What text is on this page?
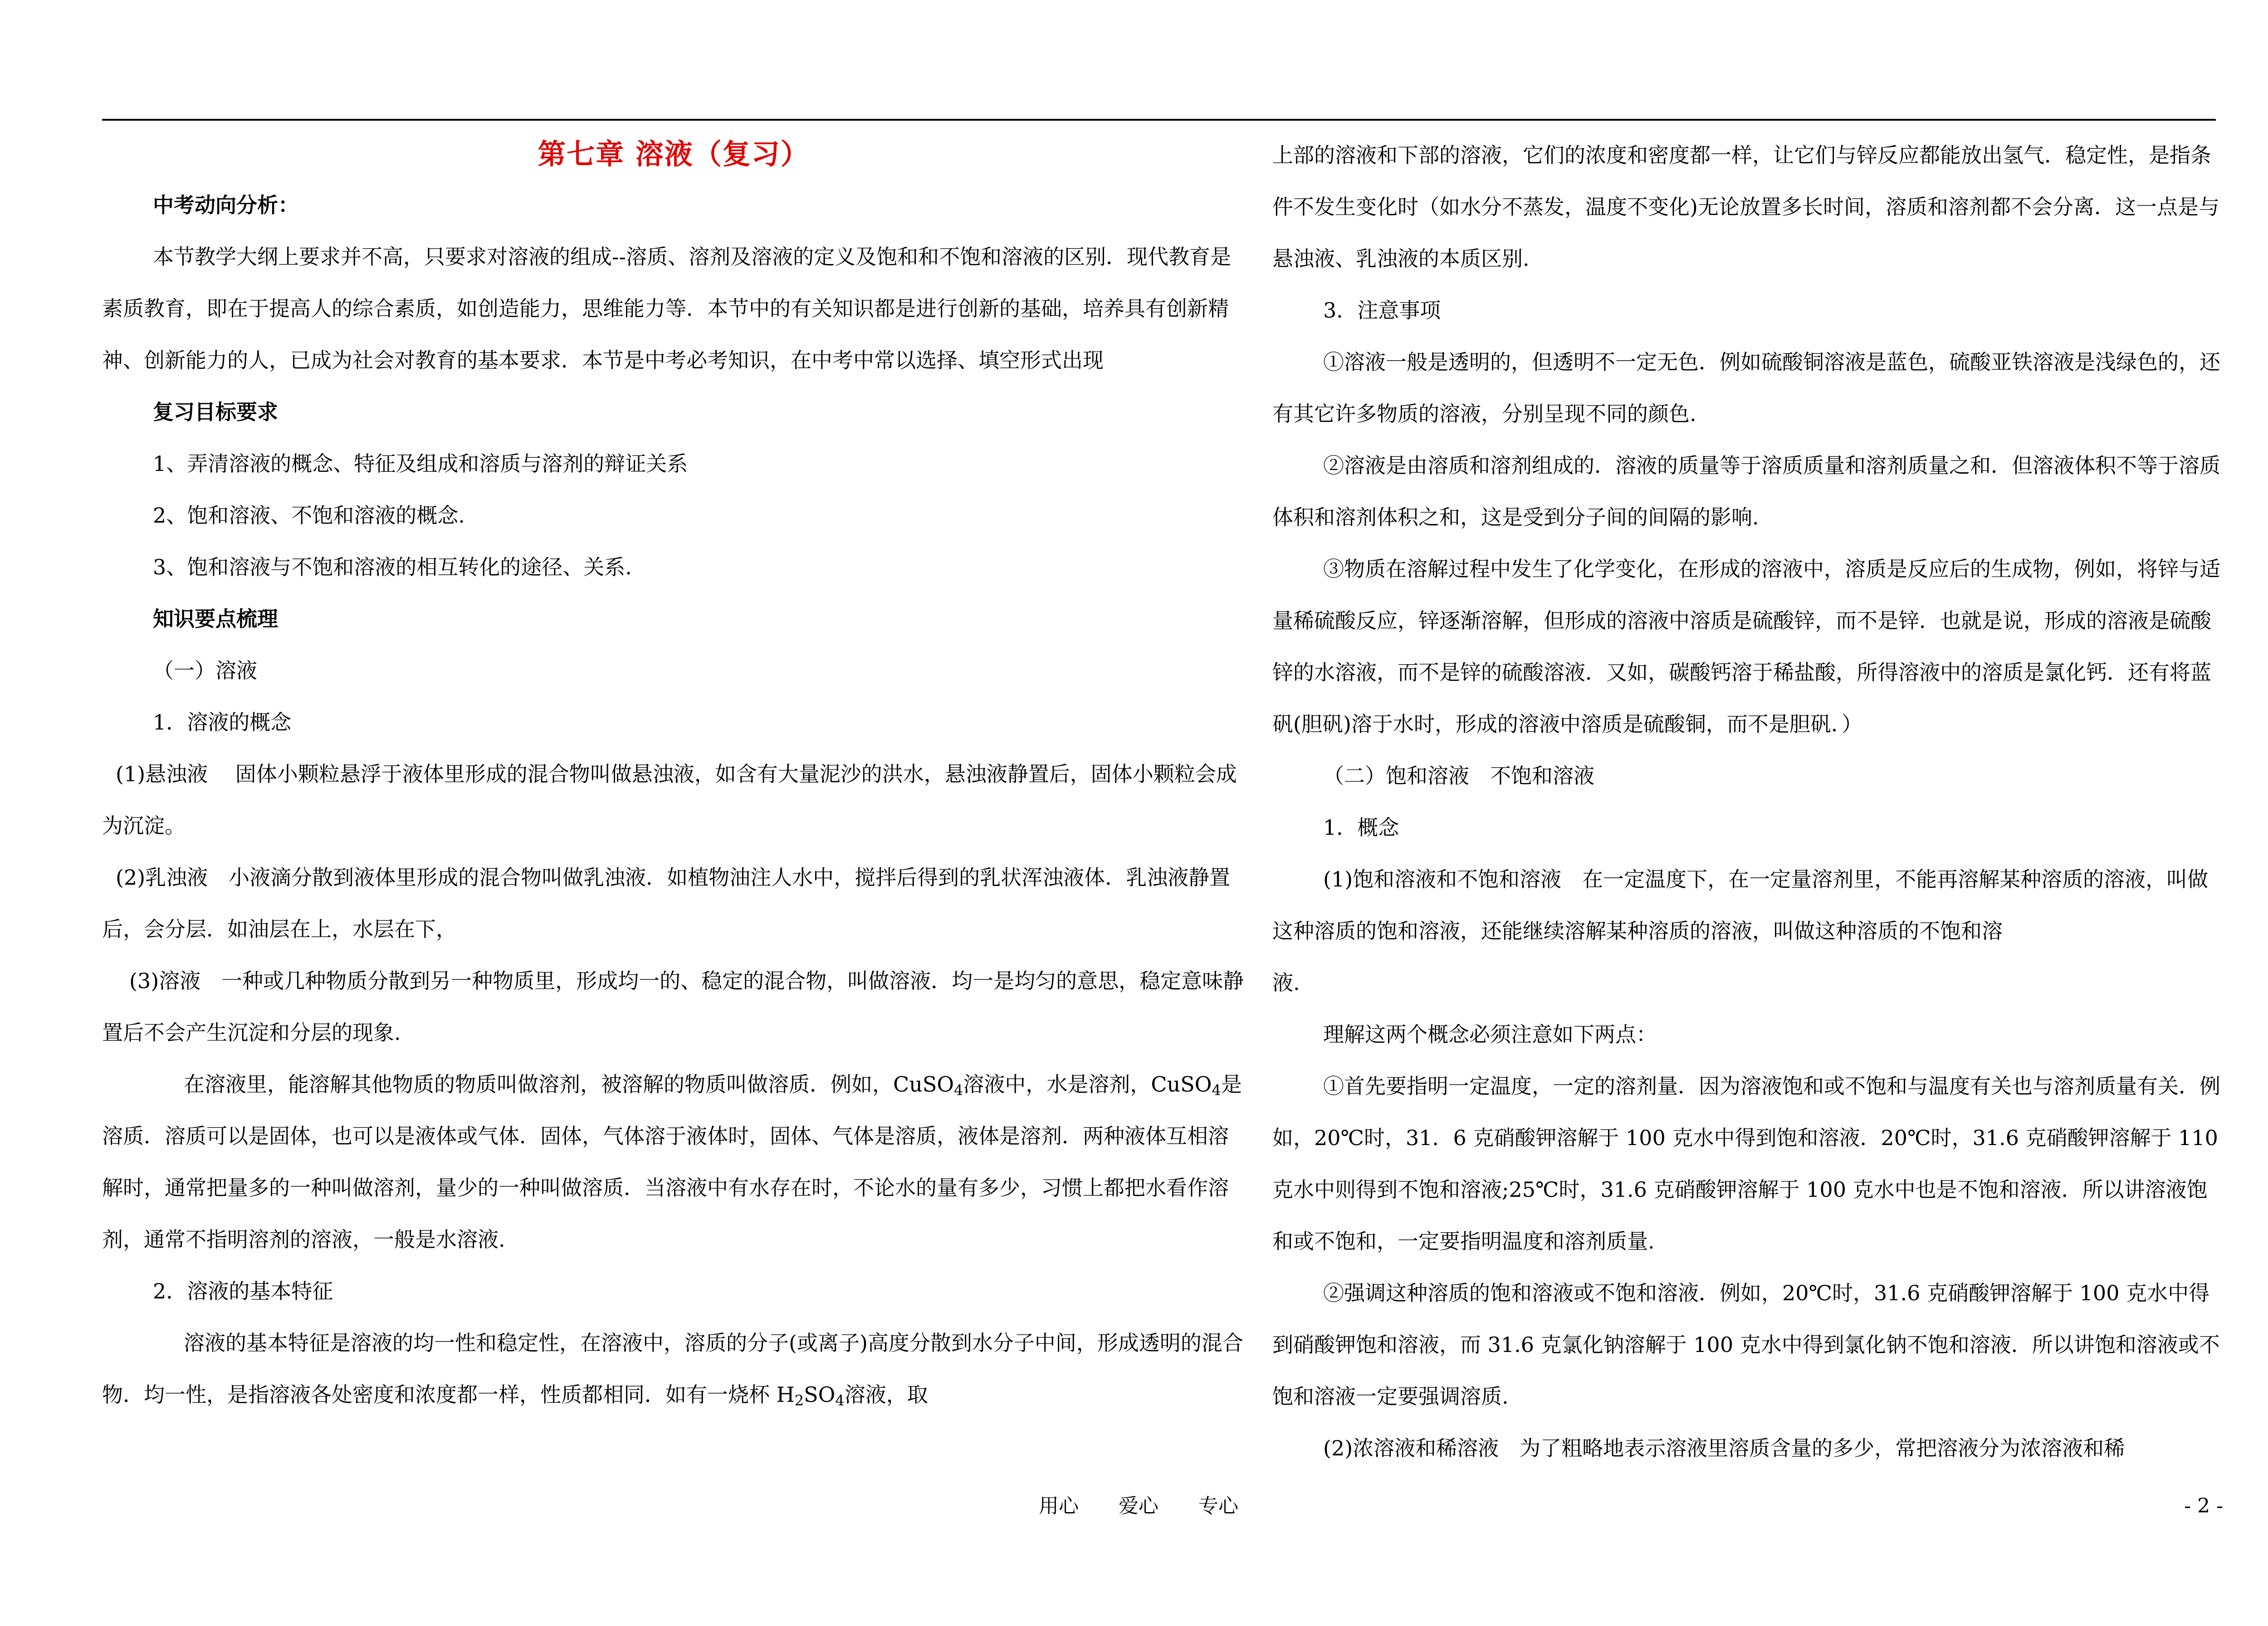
第七章 溶液（复习）

中考动向分析：

本节教学大纲上要求并不高，只要求对溶液的组成--溶质、溶剂及溶液的定义及饱和和不饱和溶液的区别．现代教育是素质教育，即在于提高人的综合素质，如创造能力，思维能力等．本节中的有关知识都是进行创新的基础，培养具有创新精神、创新能力的人，已成为社会对教育的基本要求．本节是中考必考知识，在中考中常以选择、填空形式出现

复习目标要求

1、弄清溶液的概念、特征及组成和溶质与溶剂的辩证关系

2、饱和溶液、不饱和溶液的概念.

3、饱和溶液与不饱和溶液的相互转化的途径、关系.

知识要点梳理

（一）溶液

1．溶液的概念

(1)悬浊液　 固体小颗粒悬浮于液体里形成的混合物叫做悬浊液，如含有大量泥沙的洪水，悬浊液静置后，固体小颗粒会成为沉淀。

(2)乳浊液　小液滴分散到液体里形成的混合物叫做乳浊液．如植物油注人水中，搅拌后得到的乳状浑浊液体．乳浊液静置后，会分层．如油层在上，水层在下，

(3)溶液　一种或几种物质分散到另一种物质里，形成均一的、稳定的混合物，叫做溶液．均一是均匀的意思，稳定意味静置后不会产生沉淀和分层的现象.

在溶液里，能溶解其他物质的物质叫做溶剂，被溶解的物质叫做溶质．例如，CuSO$_4$溶液中，水是溶剂，CuSO$_4$是溶质．溶质可以是固体，也可以是液体或气体．固体，气体溶于液体时，固体、气体是溶质，液体是溶剂．两种液体互相溶解时，通常把量多的一种叫做溶剂，量少的一种叫做溶质．当溶液中有水存在时，不论水的量有多少，习惯上都把水看作溶剂，通常不指明溶剂的溶液，一般是水溶液.

2．溶液的基本特征

溶液的基本特征是溶液的均一性和稳定性，在溶液中，溶质的分子(或离子)高度分散到水分子中间，形成透明的混合物．均一性，是指溶液各处密度和浓度都一样，性质都相同．如有一烧杯 $H_2SO_4$溶液，取

上部的溶液和下部的溶液，它们的浓度和密度都一样，让它们与锌反应都能放出氢气．稳定性，是指条件不发生变化时（如水分不蒸发，温度不变化)无论放置多长时间，溶质和溶剂都不会分离．这一点是与悬浊液、乳浊液的本质区别.

3．注意事项

①溶液一般是透明的，但透明不一定无色．例如硫酸铜溶液是蓝色，硫酸亚铁溶液是浅绿色的，还有其它许多物质的溶液，分别呈现不同的颜色.

②溶液是由溶质和溶剂组成的．溶液的质量等于溶质质量和溶剂质量之和．但溶液体积不等于溶质体积和溶剂体积之和，这是受到分子间的间隔的影响.

③物质在溶解过程中发生了化学变化，在形成的溶液中，溶质是反应后的生成物，例如，将锌与适量稀硫酸反应，锌逐渐溶解，但形成的溶液中溶质是硫酸锌，而不是锌．也就是说，形成的溶液是硫酸锌的水溶液，而不是锌的硫酸溶液．又如，碳酸钙溶于稀盐酸，所得溶液中的溶质是氯化钙．还有将蓝矾(胆矾)溶于水时，形成的溶液中溶质是硫酸铜，而不是胆矾．）

（二）饱和溶液　不饱和溶液

1．概念

(1)饱和溶液和不饱和溶液　在一定温度下，在一定量溶剂里，不能再溶解某种溶质的溶液，叫做这种溶质的饱和溶液，还能继续溶解某种溶质的溶液，叫做这种溶质的不饱和溶

液.

理解这两个概念必须注意如下两点：

①首先要指明一定温度，一定的溶剂量．因为溶液饱和或不饱和与温度有关也与溶剂质量有关．例如，20℃时，31．6 克硝酸钾溶解于 100 克水中得到饱和溶液．20℃时，31.6 克硝酸钾溶解于 110 克水中则得到不饱和溶液;25℃时，31.6 克硝酸钾溶解于 100 克水中也是不饱和溶液．所以讲溶液饱和或不饱和，一定要指明温度和溶剂质量.

②强调这种溶质的饱和溶液或不饱和溶液．例如，20℃时，31.6 克硝酸钾溶解于 100 克水中得到硝酸钾饱和溶液，而 31.6 克氯化钠溶解于 100 克水中得到氯化钠不饱和溶液．所以讲饱和溶液或不饱和溶液一定要强调溶质.

(2)浓溶液和稀溶液　为了粗略地表示溶液里溶质含量的多少，常把溶液分为浓溶液和稀

用心　　爱心　　专心	- 2 -
